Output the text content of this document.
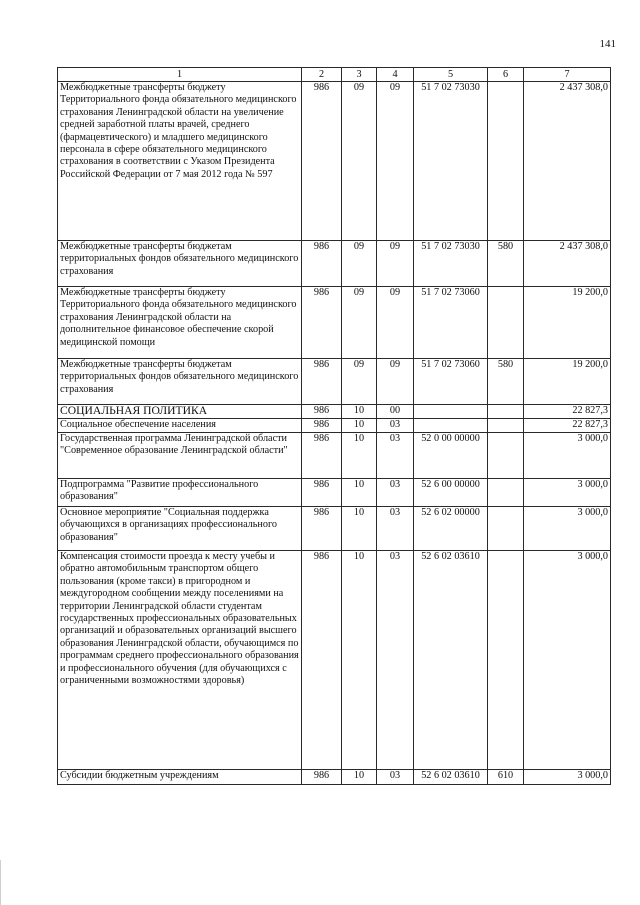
141
1	2	3	4	5	6	7
Межбюджетные трансферты бюджету Территориального фонда обязательного медицинского страхования Ленинградской области на увеличение средней заработной платы врачей, среднего (фармацевтического) и младшего медицинского персонала в сфере обязательного медицинского страхования в соответствии с Указом Президента Российской Федерации от 7 мая 2012 года № 597	986	09	09	51 7 02 73030		2 437 308,0
Межбюджетные трансферты бюджетам территориальных фондов обязательного медицинского страхования	986	09	09	51 7 02 73030	580	2 437 308,0
Межбюджетные трансферты бюджету Территориального фонда обязательного медицинского страхования Ленинградской области на дополнительное финансовое обеспечение скорой медицинской помощи	986	09	09	51 7 02 73060		19 200,0
Межбюджетные трансферты бюджетам территориальных фондов обязательного медицинского страхования	986	09	09	51 7 02 73060	580	19 200,0
СОЦИАЛЬНАЯ ПОЛИТИКА	986	10	00			22 827,3
Социальное обеспечение населения	986	10	03			22 827,3
Государственная программа Ленинградской области "Современное образование Ленинградской области"	986	10	03	52 0 00 00000		3 000,0
Подпрограмма "Развитие профессионального образования"	986	10	03	52 6 00 00000		3 000,0
Основное мероприятие "Социальная поддержка обучающихся в организациях профессионального образования"	986	10	03	52 6 02 00000		3 000,0
Компенсация стоимости проезда к месту учебы и обратно автомобильным транспортом общего пользования (кроме такси) в пригородном и междугородном сообщении между поселениями на территории Ленинградской области студентам государственных профессиональных образовательных организаций и образовательных организаций высшего образования Ленинградской области, обучающимся по программам среднего профессионального образования и профессионального обучения (для обучающихся с ограниченными возможностями здоровья)	986	10	03	52 6 02 03610		3 000,0
Субсидии бюджетным учреждениям	986	10	03	52 6 02 03610	610	3 000,0
